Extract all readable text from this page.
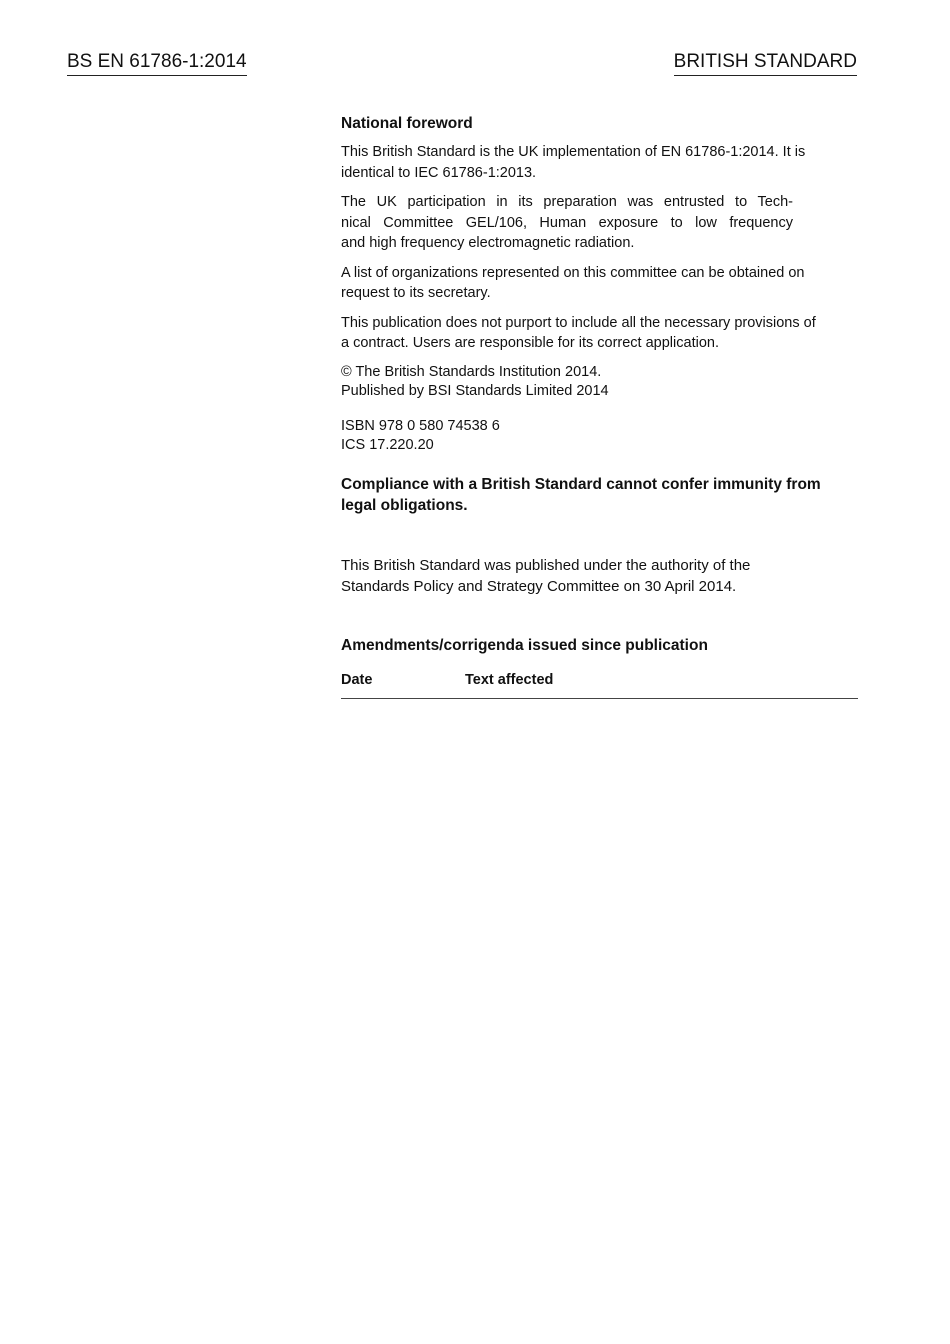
BS EN 61786-1:2014	BRITISH STANDARD

National foreword

This British Standard is the UK implementation of EN 61786-1:2014. It is
identical to IEC 61786-1:2013.

The UK participation in its preparation was entrusted to Tech-
nical Committee GEL/106, Human exposure to low frequency
and high frequency electromagnetic radiation.

A list of organizations represented on this committee can be obtained on
request to its secretary.

This publication does not purport to include all the necessary provisions of
a contract. Users are responsible for its correct application.

© The British Standards Institution 2014.
Published by BSI Standards Limited 2014

ISBN 978 0 580 74538 6
ICS 17.220.20

Compliance with a British Standard cannot confer immunity from
legal obligations.

This British Standard was published under the authority of the
Standards Policy and Strategy Committee on 30 April 2014.

Amendments/corrigenda issued since publication

Date	Text affected
